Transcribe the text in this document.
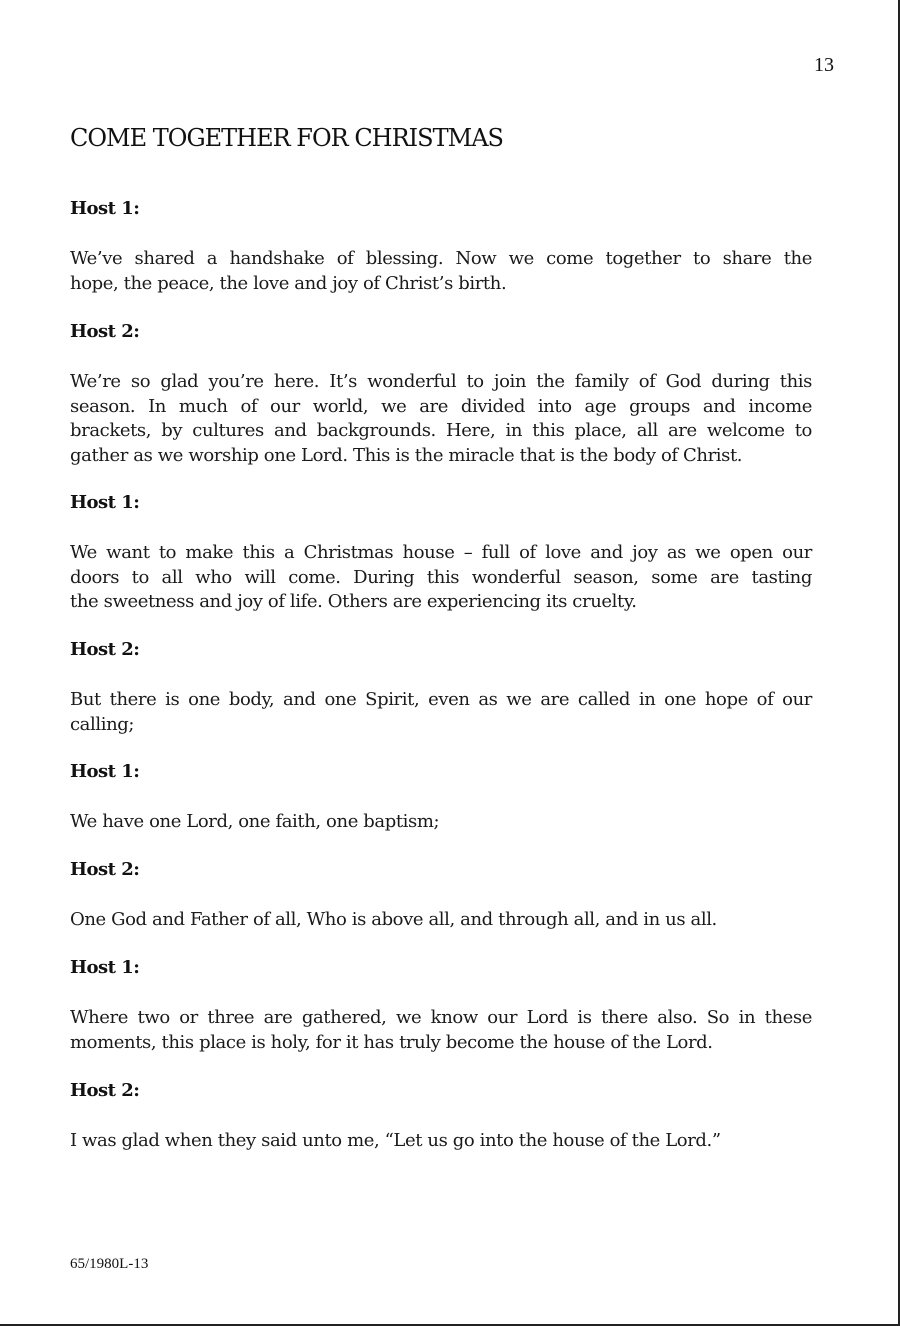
13
COME TOGETHER FOR CHRISTMAS

Host 1:

We’ve shared a handshake of blessing. Now we come together to share the

hope, the peace, the love and joy of Christ’s birth.

Host 2:

We’re so glad you’re here. It’s wonderful to join the family of God during this

season. In much of our world, we are divided into age groups and income

brackets, by cultures and backgrounds. Here, in this place, all are welcome to

gather as we worship one Lord. This is the miracle that is the body of Christ.

Host 1:

We want to make this a Christmas house – full of love and joy as we open our

doors to all who will come. During this wonderful season, some are tasting

the sweetness and joy of life. Others are experiencing its cruelty.

Host 2:

But there is one body, and one Spirit, even as we are called in one hope of our

calling;

Host 1:

We have one Lord, one faith, one baptism;

Host 2:

One God and Father of all, Who is above all, and through all, and in us all.

Host 1:

Where two or three are gathered, we know our Lord is there also. So in these

moments, this place is holy, for it has truly become the house of the Lord.

Host 2:

I was glad when they said unto me, “Let us go into the house of the Lord.”

65/1980L-13
